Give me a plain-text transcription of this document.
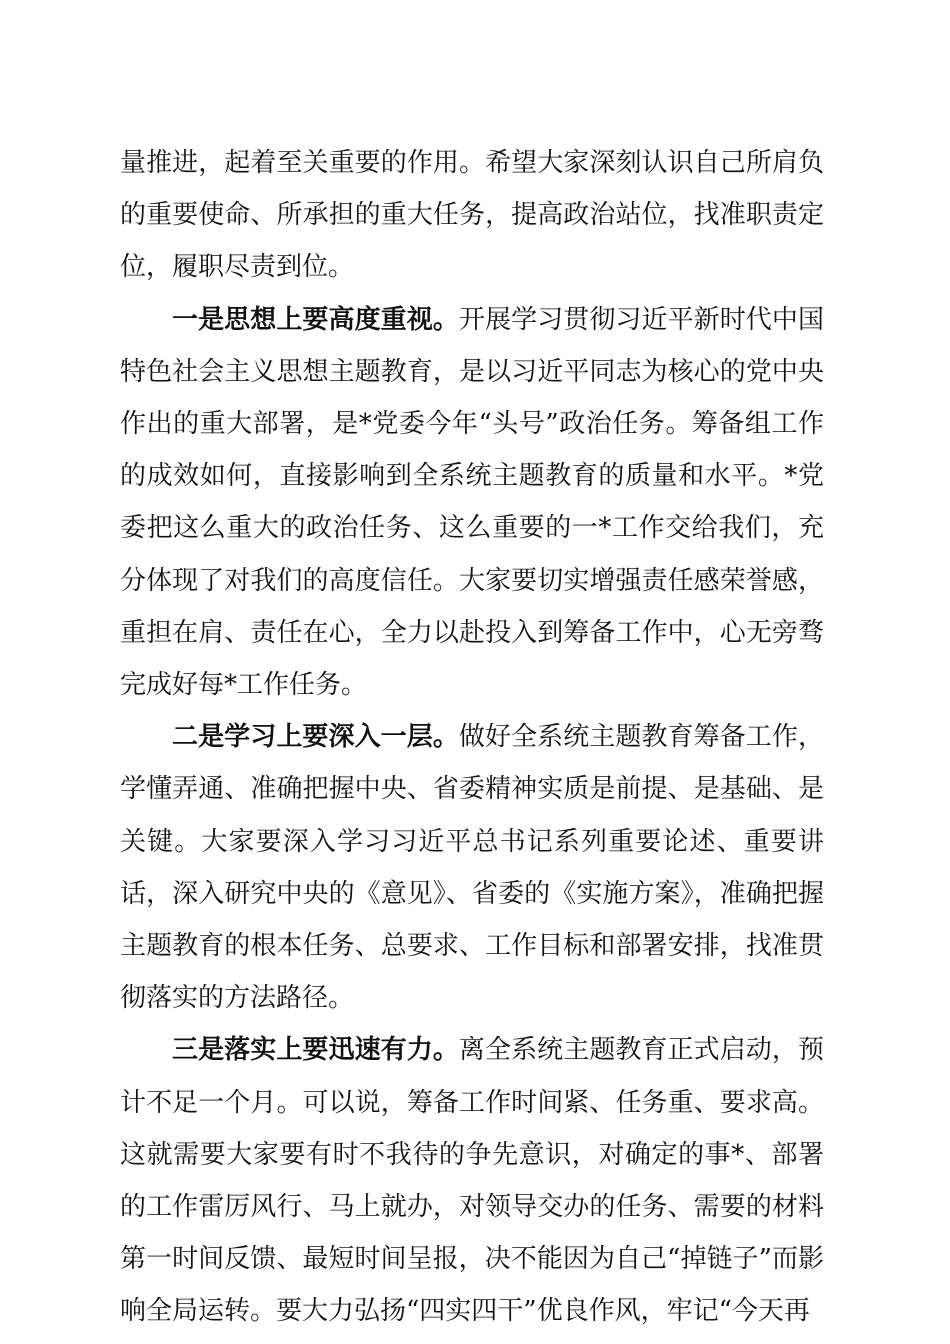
量推进，起着至关重要的作用。希望大家深刻认识自己所肩负的重要使命、所承担的重大任务，提高政治站位，找准职责定位，履职尽责到位。

一是思想上要高度重视。开展学习贯彻习近平新时代中国特色社会主义思想主题教育，是以习近平同志为核心的党中央作出的重大部署，是*党委今年“头号”政治任务。筹备组工作的成效如何，直接影响到全系统主题教育的质量和水平。*党委把这么重大的政治任务、这么重要的一*工作交给我们，充分体现了对我们的高度信任。大家要切实增强责任感荣誉感，重担在肩、责任在心，全力以赴投入到筹备工作中，心无旁骛完成好每*工作任务。

二是学习上要深入一层。做好全系统主题教育筹备工作，学懂弄通、准确把握中央、省委精神实质是前提、是基础、是关键。大家要深入学习习近平总书记系列重要论述、重要讲话，深入研究中央的《意见》、省委的《实施方案》，准确把握主题教育的根本任务、总要求、工作目标和部署安排，找准贯彻落实的方法路径。

三是落实上要迅速有力。离全系统主题教育正式启动，预计不足一个月。可以说，筹备工作时间紧、任务重、要求高。这就需要大家要有时不我待的争先意识，对确定的事*、部署的工作雷厉风行、马上就办，对领导交办的任务、需要的材料第一时间反馈、最短时间呈报，决不能因为自己“掉链子”而影响全局运转。要大力弘扬“四实四干”优良作风，牢记“今天再
